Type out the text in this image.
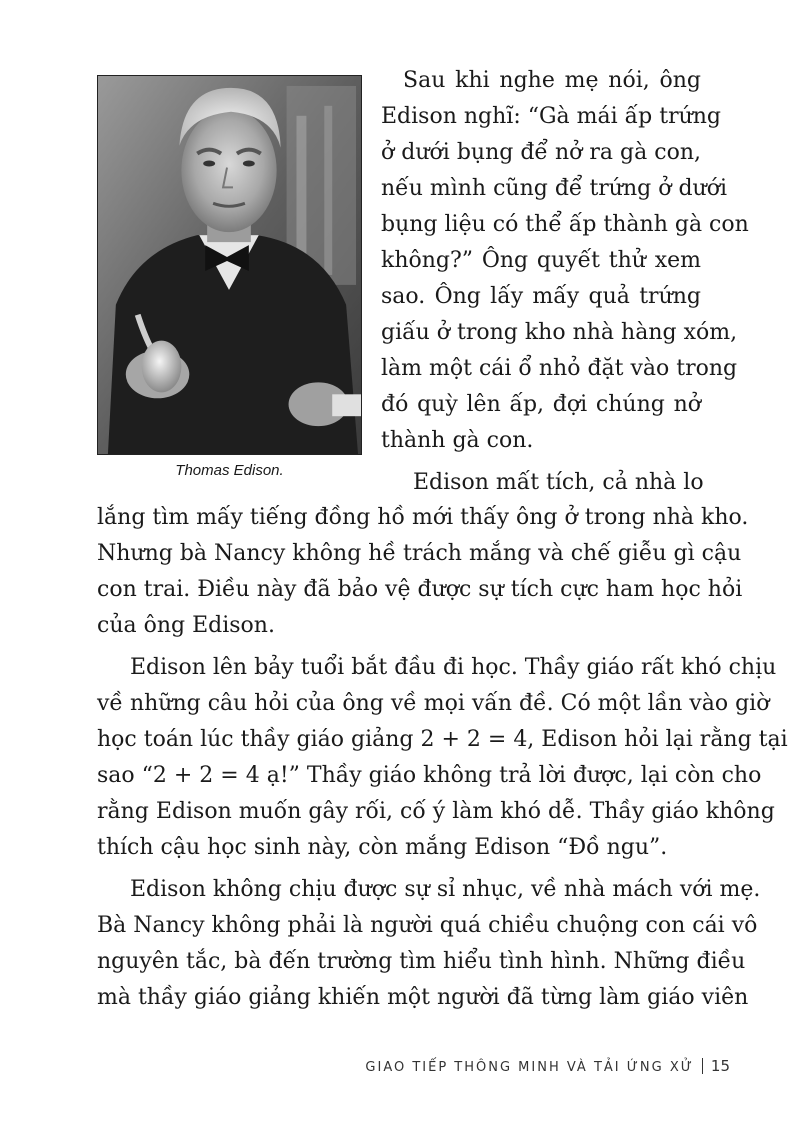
Thomas Edison.

Sau khi nghe mẹ nói, ông

Edison nghĩ: “Gà mái ấp trứng

ở dưới bụng để nở ra gà con,

nếu mình cũng để trứng ở dưới

bụng liệu có thể ấp thành gà con

không?” Ông quyết thử xem

sao. Ông lấy mấy quả trứng

giấu ở trong kho nhà hàng xóm,

làm một cái ổ nhỏ đặt vào trong

đó quỳ lên ấp, đợi chúng nở

thành gà con.

Edison mất tích, cả nhà lo

lắng tìm mấy tiếng đồng hồ mới thấy ông ở trong nhà kho.

Nhưng bà Nancy không hề trách mắng và chế giễu gì cậu

con trai. Điều này đã bảo vệ được sự tích cực ham học hỏi

của ông Edison.

Edison lên bảy tuổi bắt đầu đi học. Thầy giáo rất khó chịu

về những câu hỏi của ông về mọi vấn đề. Có một lần vào giờ

học toán lúc thầy giáo giảng 2 + 2 = 4, Edison hỏi lại rằng tại

sao “2 + 2 = 4 ạ!” Thầy giáo không trả lời được, lại còn cho

rằng Edison muốn gây rối, cố ý làm khó dễ. Thầy giáo không

thích cậu học sinh này, còn mắng Edison “Đồ ngu”.

Edison không chịu được sự sỉ nhục, về nhà mách với mẹ.

Bà Nancy không phải là người quá chiều chuộng con cái vô

nguyên tắc, bà đến trường tìm hiểu tình hình. Những điều

mà thầy giáo giảng khiến một người đã từng làm giáo viên

GIAO TIẾP THÔNG MINH VÀ TẢI ỨNG XỬ 15
